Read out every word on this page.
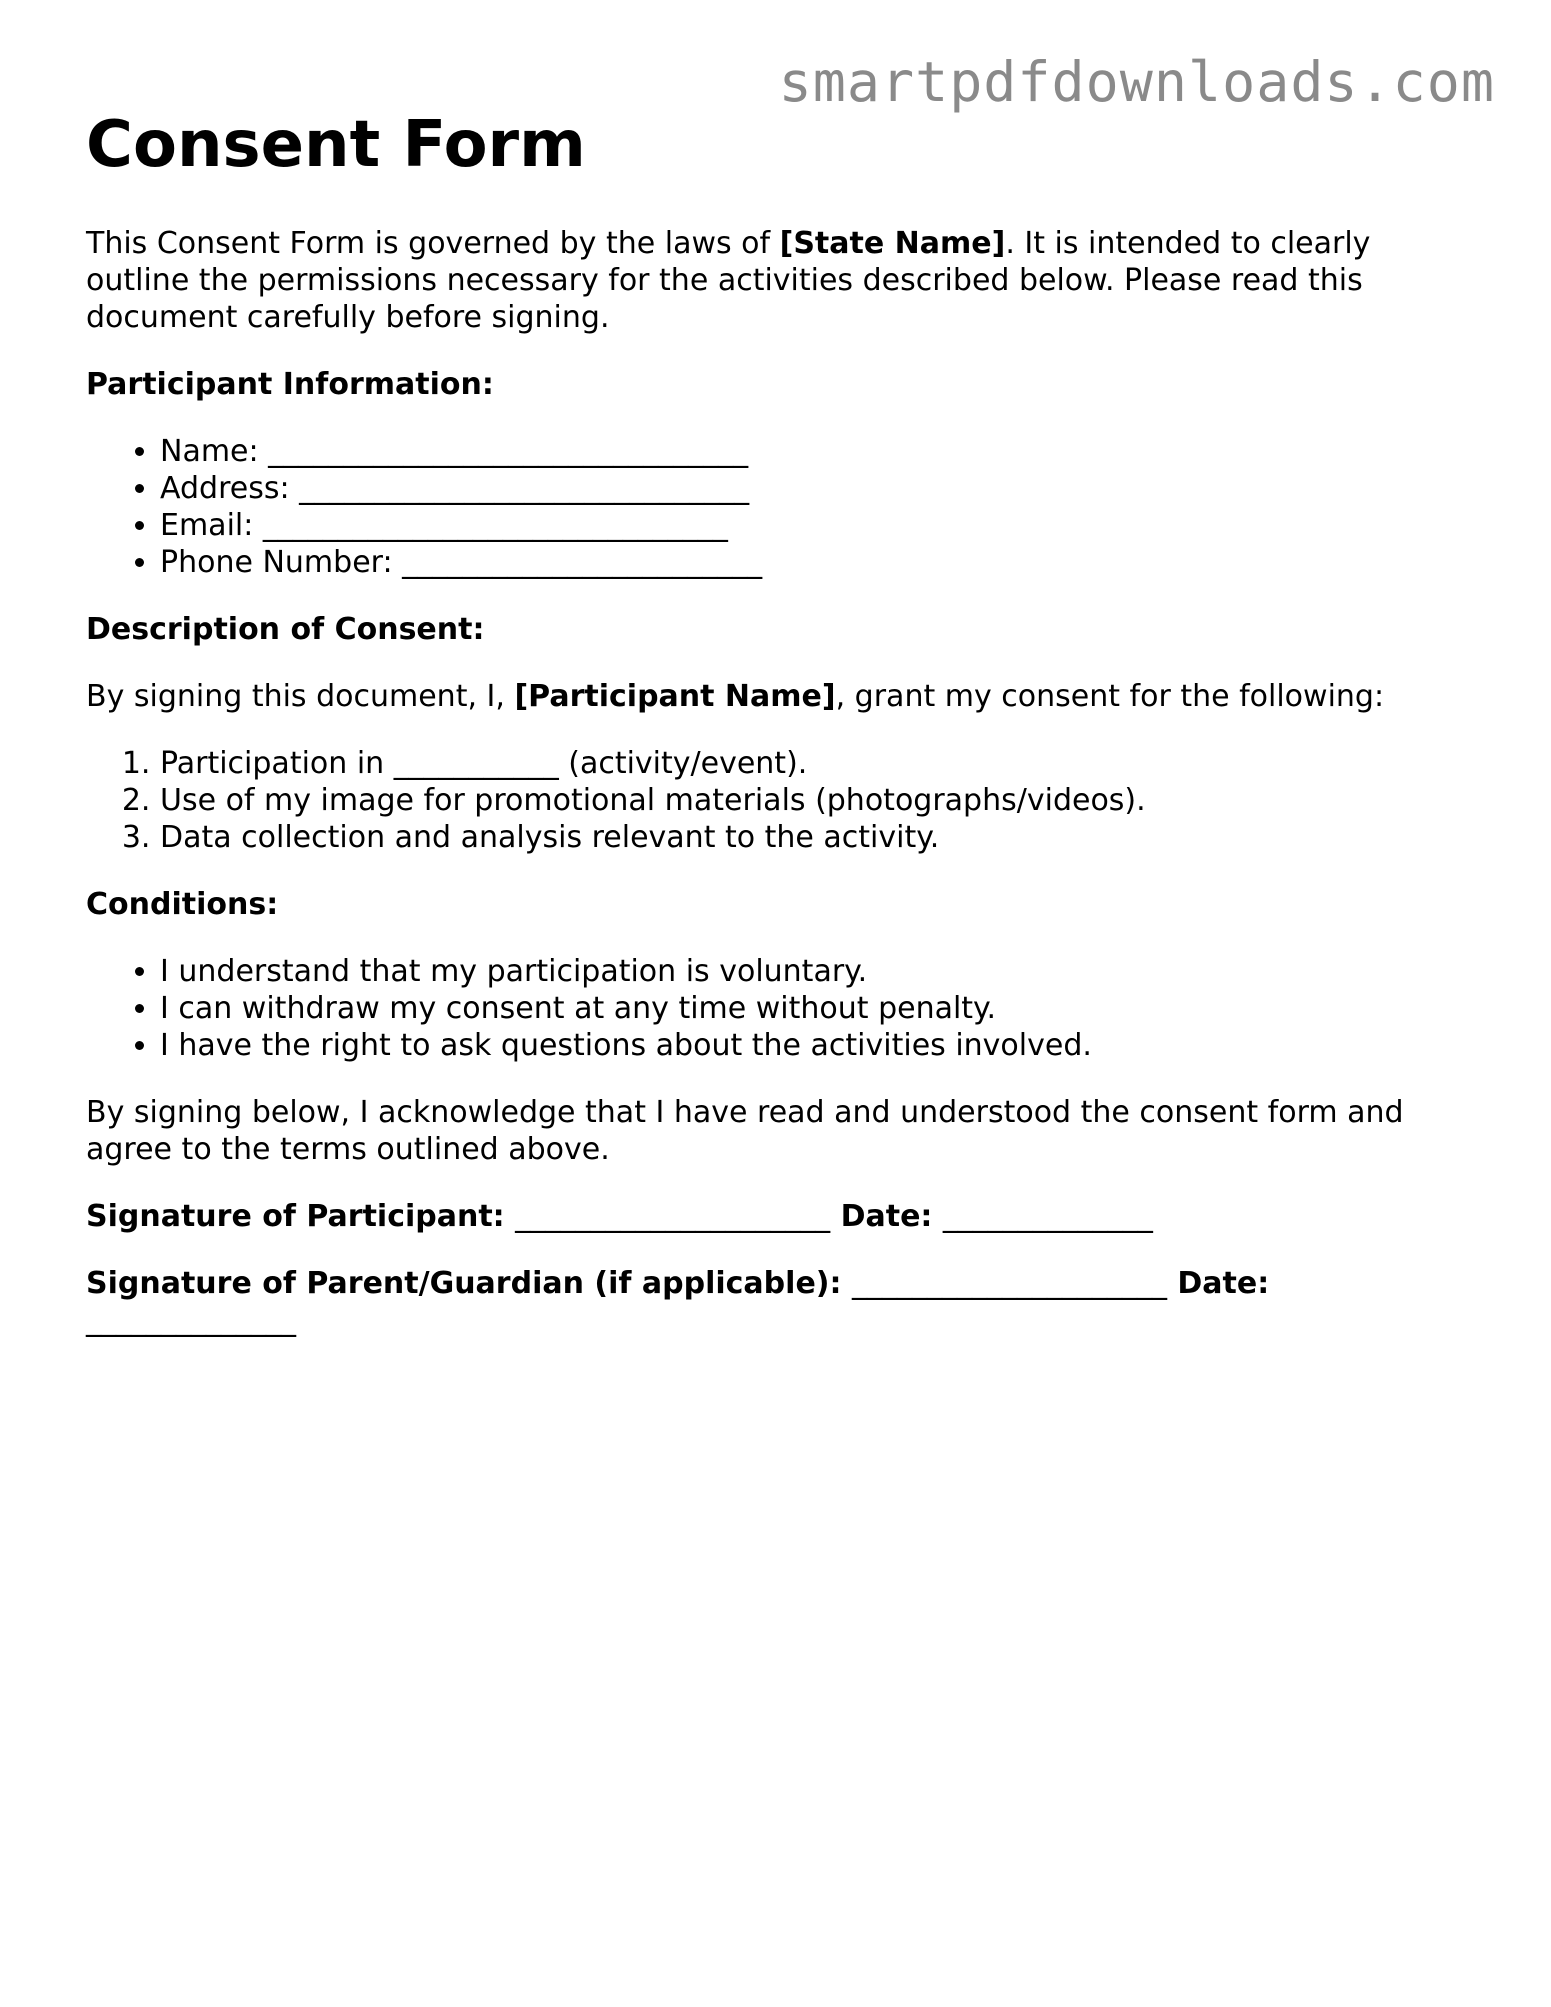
smartpdfdownloads.com
Consent Form

This Consent Form is governed by the laws of [State Name]. It is intended to clearly outline the permissions necessary for the activities described below. Please read this document carefully before signing.

Participant Information:

• Name: ________________________________
• Address: ______________________________
• Email: _______________________________
• Phone Number: ________________________

Description of Consent:

By signing this document, I, [Participant Name], grant my consent for the following:

1. Participation in ___________ (activity/event).
2. Use of my image for promotional materials (photographs/videos).
3. Data collection and analysis relevant to the activity.

Conditions:

• I understand that my participation is voluntary.
• I can withdraw my consent at any time without penalty.
• I have the right to ask questions about the activities involved.

By signing below, I acknowledge that I have read and understood the consent form and agree to the terms outlined above.

Signature of Participant: _____________________ Date: ______________

Signature of Parent/Guardian (if applicable): _____________________ Date: ______________
